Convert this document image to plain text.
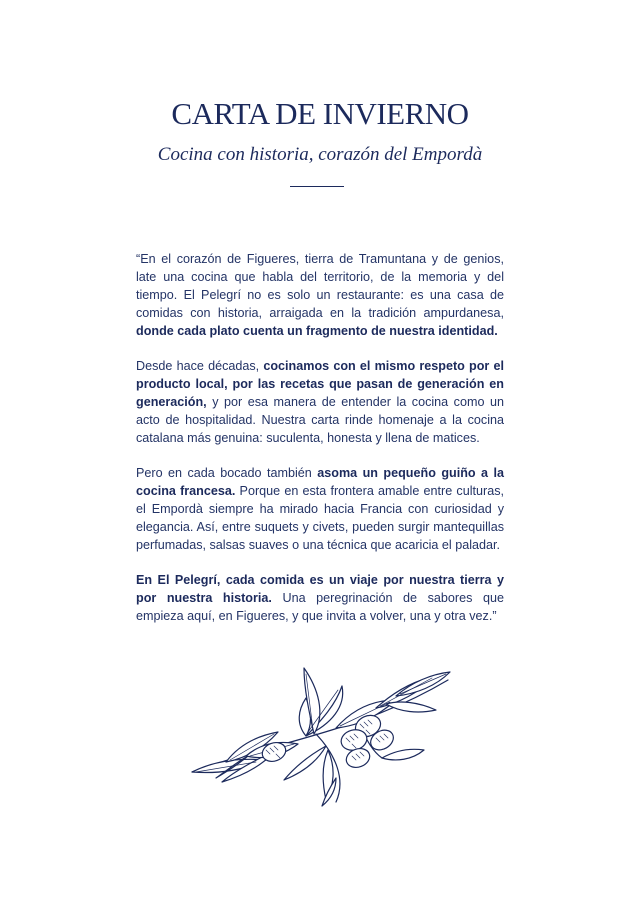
CARTA DE INVIERNO
Cocina con historia, corazón del Empordà

“En el corazón de Figueres, tierra de Tramuntana y de genios, late una cocina que habla del territorio, de la memoria y del tiempo. El Pelegrí no es solo un restaurante: es una casa de comidas con historia, arraigada en la tradición ampurdanesa, donde cada plato cuenta un fragmento de nuestra identidad.

Desde hace décadas, cocinamos con el mismo respeto por el producto local, por las recetas que pasan de generación en generación, y por esa manera de entender la cocina como un acto de hospitalidad. Nuestra carta rinde homenaje a la cocina catalana más genuina: suculenta, honesta y llena de matices.

Pero en cada bocado también asoma un pequeño guiño a la cocina francesa. Porque en esta frontera amable entre culturas, el Empordà siempre ha mirado hacia Francia con curiosidad y elegancia. Así, entre suquets y civets, pueden surgir mantequillas perfumadas, salsas suaves o una técnica que acaricia el paladar.

En El Pelegrí, cada comida es un viaje por nuestra tierra y por nuestra historia. Una peregrinación de sabores que empieza aquí, en Figueres, y que invita a volver, una y otra vez.”
